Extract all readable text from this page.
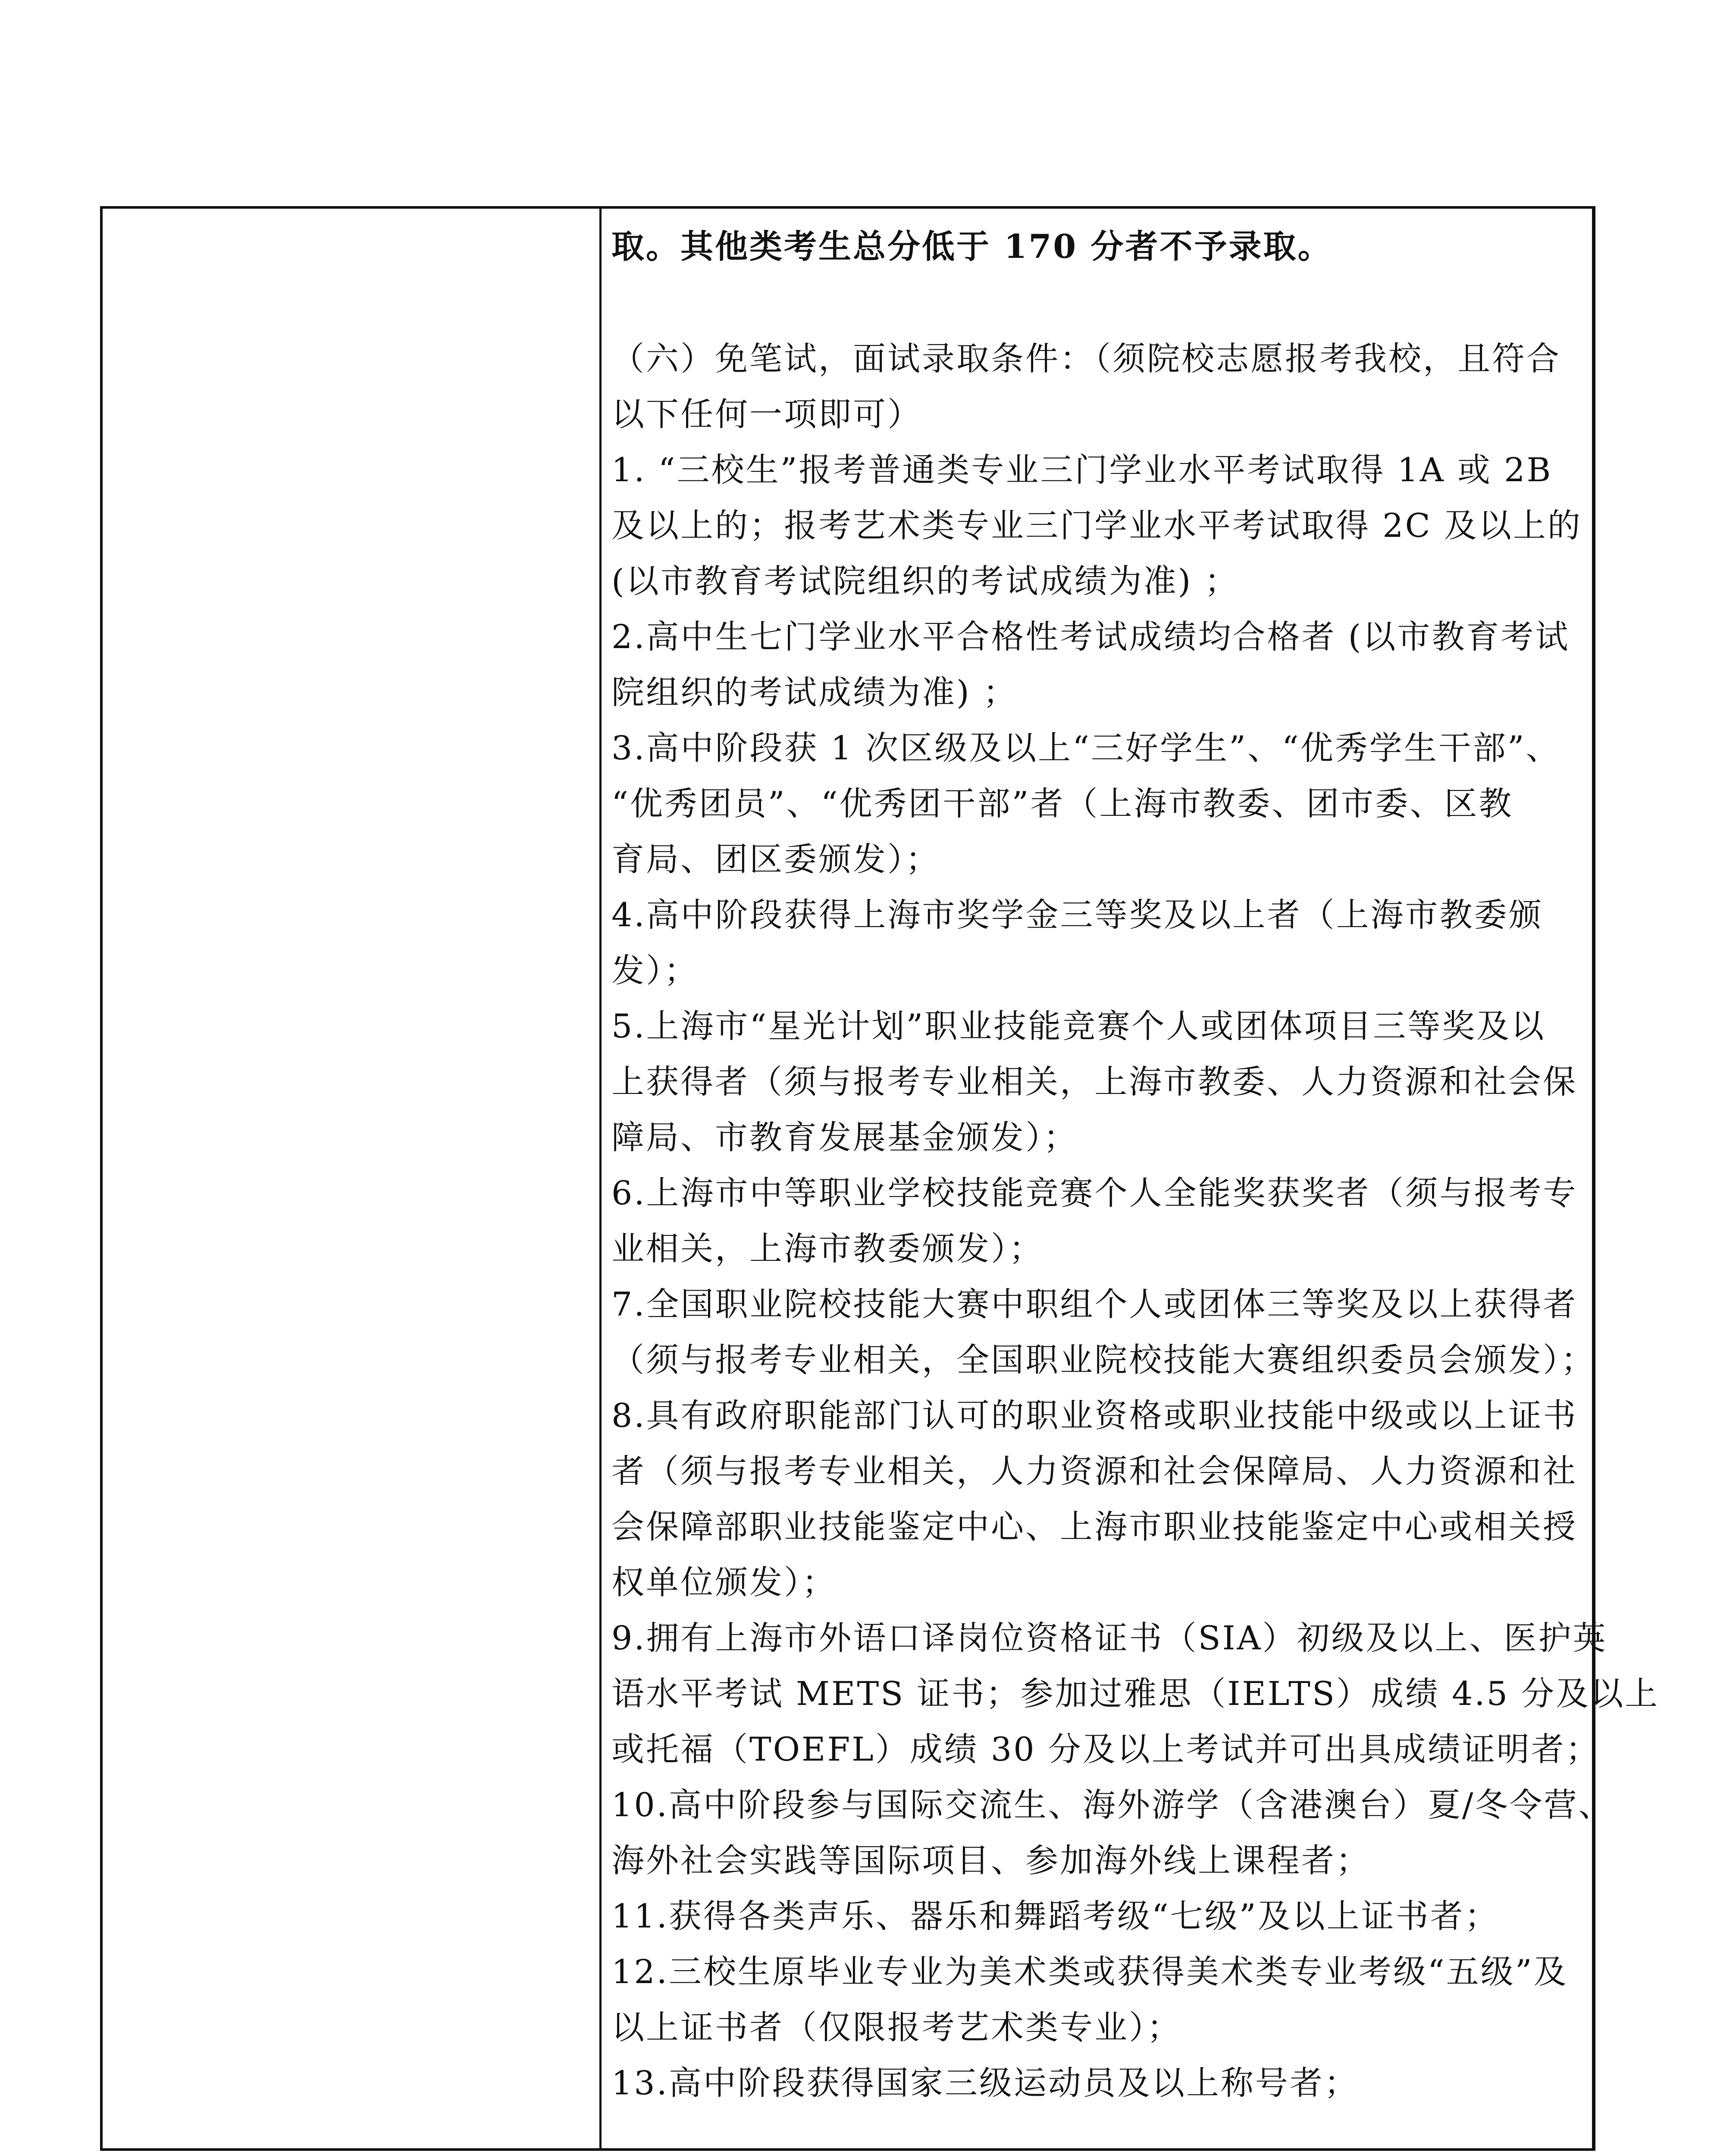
取。其他类考生总分低于 170 分者不予录取。
（六）免笔试，面试录取条件：（须院校志愿报考我校，且符合
以下任何一项即可）
1. “三校生”报考普通类专业三门学业水平考试取得 1A 或 2B
及以上的；报考艺术类专业三门学业水平考试取得 2C 及以上的
(以市教育考试院组织的考试成绩为准) ；
2.高中生七门学业水平合格性考试成绩均合格者 (以市教育考试
院组织的考试成绩为准) ；
3.高中阶段获 1 次区级及以上“三好学生”、“优秀学生干部”、
“优秀团员”、“优秀团干部”者（上海市教委、团市委、区教
育局、团区委颁发）；
4.高中阶段获得上海市奖学金三等奖及以上者（上海市教委颁
发）；
5.上海市“星光计划”职业技能竞赛个人或团体项目三等奖及以
上获得者（须与报考专业相关，上海市教委、人力资源和社会保
障局、市教育发展基金颁发）；
6.上海市中等职业学校技能竞赛个人全能奖获奖者（须与报考专
业相关，上海市教委颁发）；
7.全国职业院校技能大赛中职组个人或团体三等奖及以上获得者
（须与报考专业相关，全国职业院校技能大赛组织委员会颁发）；
8.具有政府职能部门认可的职业资格或职业技能中级或以上证书
者（须与报考专业相关，人力资源和社会保障局、人力资源和社
会保障部职业技能鉴定中心、上海市职业技能鉴定中心或相关授
权单位颁发）；
9.拥有上海市外语口译岗位资格证书（SIA）初级及以上、医护英
语水平考试 METS 证书；参加过雅思（IELTS）成绩 4.5 分及以上
或托福（TOEFL）成绩 30 分及以上考试并可出具成绩证明者；
10.高中阶段参与国际交流生、海外游学（含港澳台）夏/冬令营、
海外社会实践等国际项目、参加海外线上课程者；
11.获得各类声乐、器乐和舞蹈考级“七级”及以上证书者；
12.三校生原毕业专业为美术类或获得美术类专业考级“五级”及
以上证书者（仅限报考艺术类专业）；
13.高中阶段获得国家三级运动员及以上称号者；
